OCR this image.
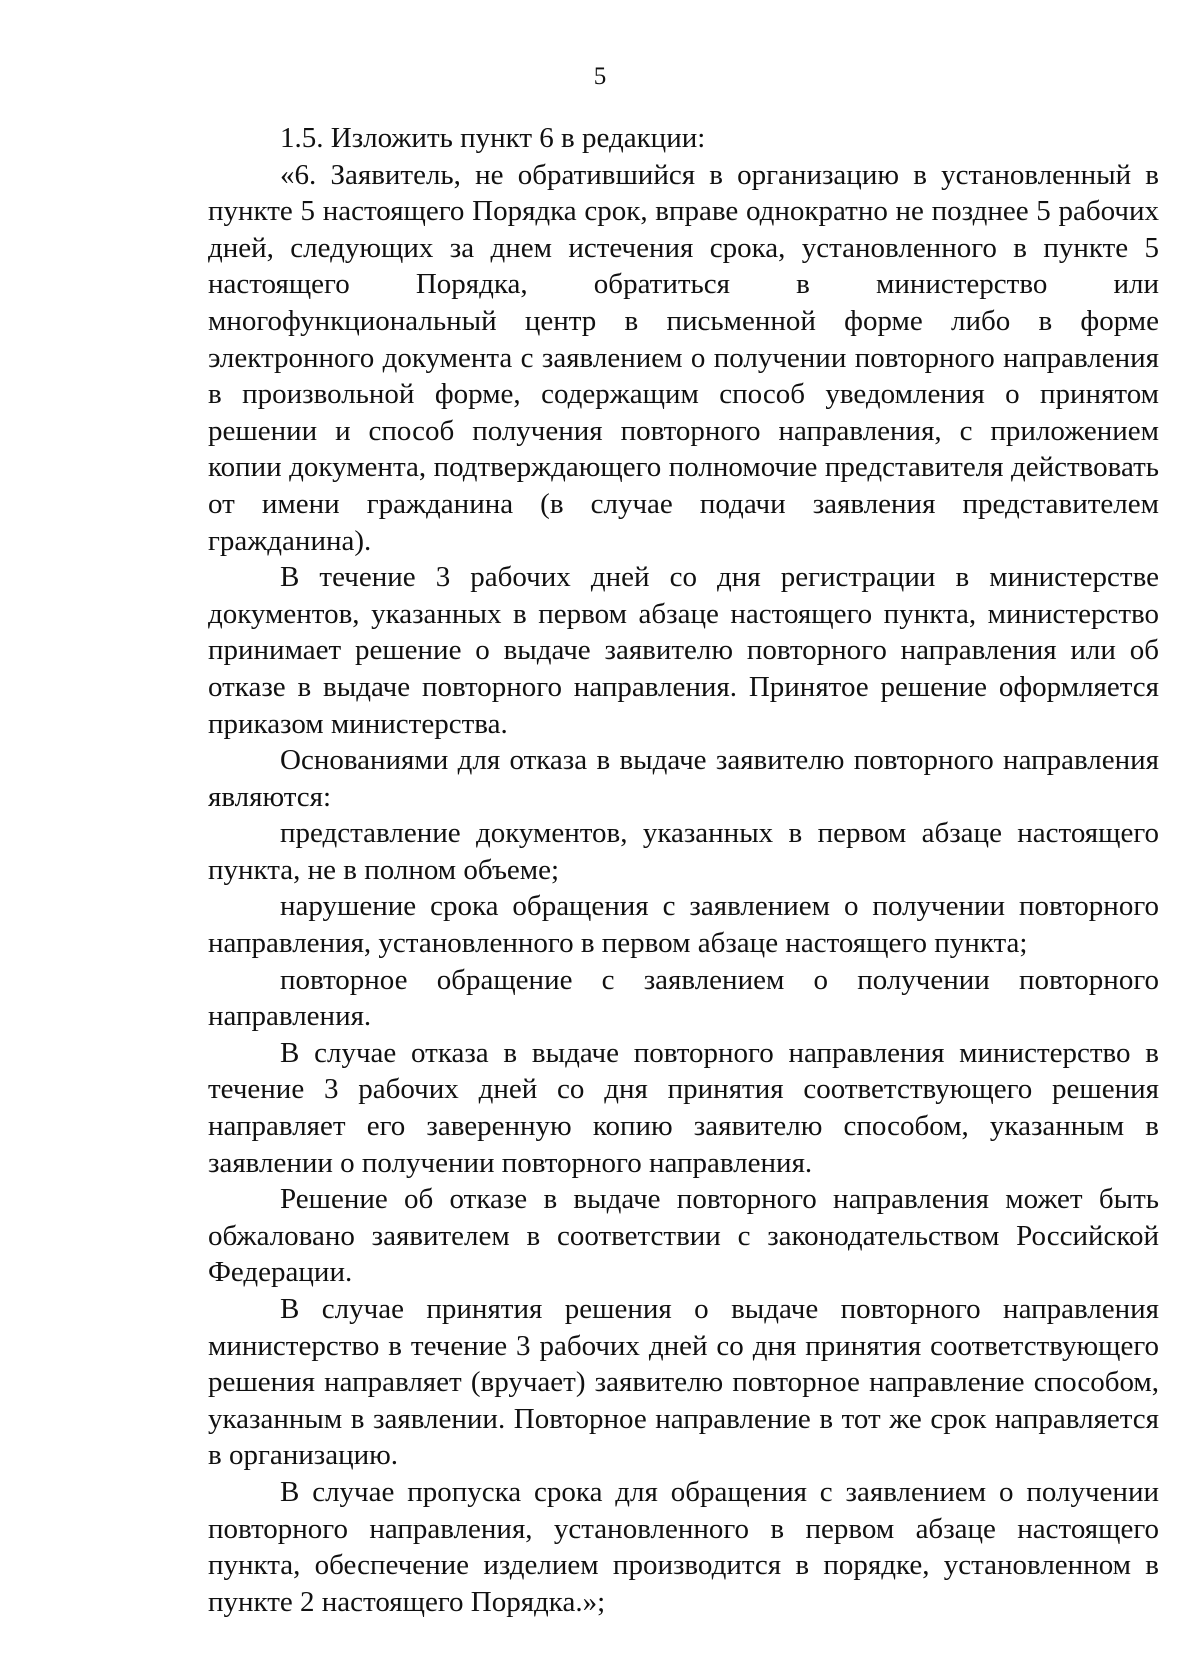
5

1.5. Изложить пункт 6 в редакции:

«6. Заявитель, не обратившийся в организацию в установленный в пункте 5 настоящего Порядка срок, вправе однократно не позднее 5 рабочих дней, следующих за днем истечения срока, установленного в пункте 5 настоящего Порядка, обратиться в министерство или многофункциональный центр в письменной форме либо в форме электронного документа с заявлением о получении повторного направления в произвольной форме, содержащим способ уведомления о принятом решении и способ получения повторного направления, с приложением копии документа, подтверждающего полномочие представителя действовать от имени гражданина (в случае подачи заявления представителем гражданина).

В течение 3 рабочих дней со дня регистрации в министерстве документов, указанных в первом абзаце настоящего пункта, министерство принимает решение о выдаче заявителю повторного направления или об отказе в выдаче повторного направления. Принятое решение оформляется приказом министерства.

Основаниями для отказа в выдаче заявителю повторного направления являются:

представление документов, указанных в первом абзаце настоящего пункта, не в полном объеме;

нарушение срока обращения с заявлением о получении повторного направления, установленного в первом абзаце настоящего пункта;

повторное обращение с заявлением о получении повторного направления.

В случае отказа в выдаче повторного направления министерство в течение 3 рабочих дней со дня принятия соответствующего решения направляет его заверенную копию заявителю способом, указанным в заявлении о получении повторного направления.

Решение об отказе в выдаче повторного направления может быть обжаловано заявителем в соответствии с законодательством Российской Федерации.

В случае принятия решения о выдаче повторного направления министерство в течение 3 рабочих дней со дня принятия соответствующего решения направляет (вручает) заявителю повторное направление способом, указанным в заявлении. Повторное направление в тот же срок направляется в организацию.

В случае пропуска срока для обращения с заявлением о получении повторного направления, установленного в первом абзаце настоящего пункта, обеспечение изделием производится в порядке, установленном в пункте 2 настоящего Порядка.»;
